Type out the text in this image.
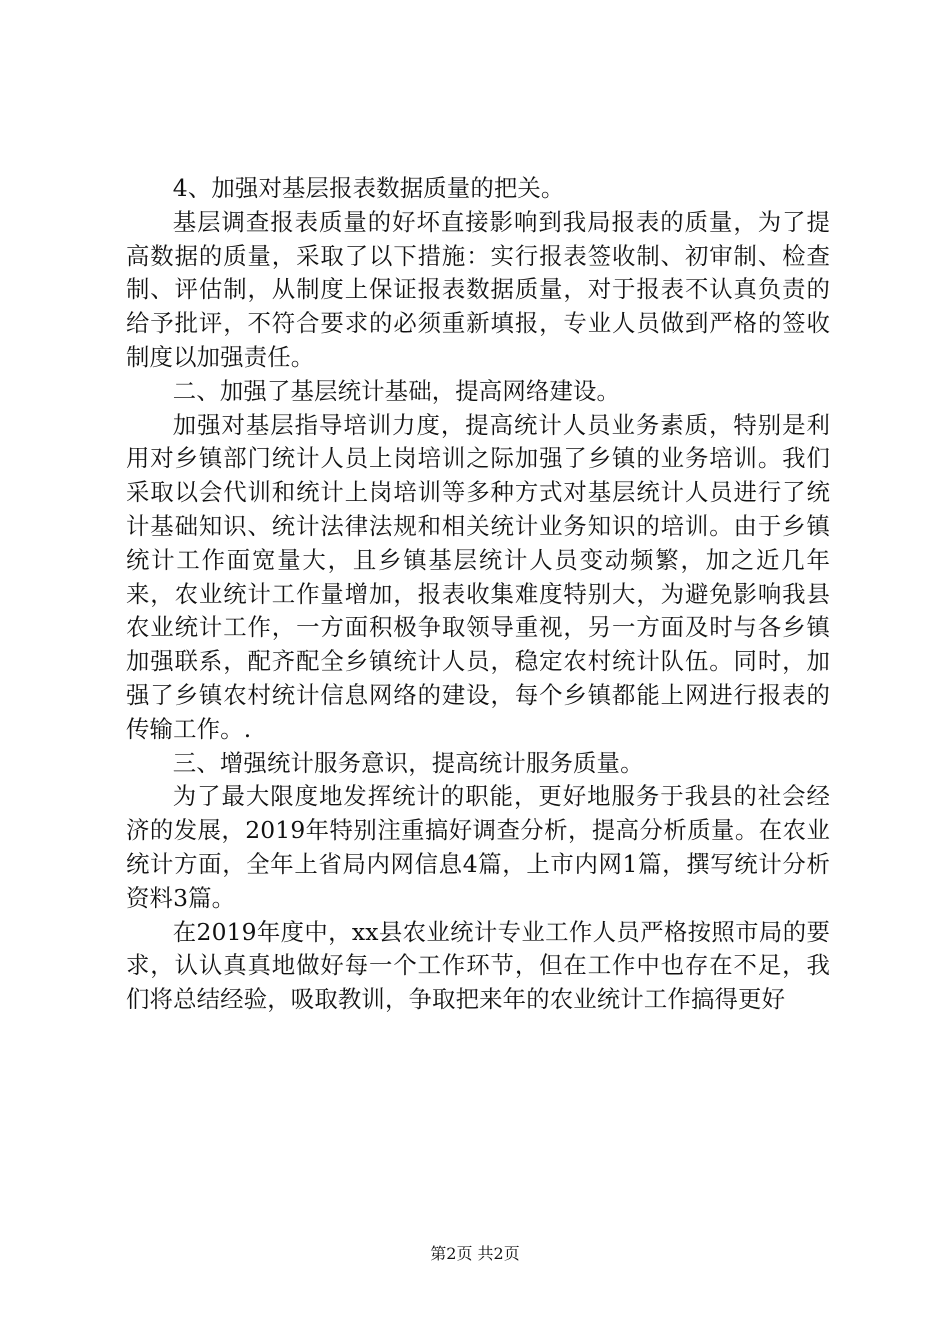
4、加强对基层报表数据质量的把关。

基层调查报表质量的好坏直接影响到我局报表的质量，为了提高数据的质量，采取了以下措施：实行报表签收制、初审制、检查制、评估制，从制度上保证报表数据质量，对于报表不认真负责的给予批评，不符合要求的必须重新填报，专业人员做到严格的签收制度以加强责任。

二、加强了基层统计基础，提高网络建设。

加强对基层指导培训力度，提高统计人员业务素质，特别是利用对乡镇部门统计人员上岗培训之际加强了乡镇的业务培训。我们采取以会代训和统计上岗培训等多种方式对基层统计人员进行了统计基础知识、统计法律法规和相关统计业务知识的培训。由于乡镇统计工作面宽量大，且乡镇基层统计人员变动频繁，加之近几年来，农业统计工作量增加，报表收集难度特别大，为避免影响我县农业统计工作，一方面积极争取领导重视，另一方面及时与各乡镇加强联系，配齐配全乡镇统计人员，稳定农村统计队伍。同时，加强了乡镇农村统计信息网络的建设，每个乡镇都能上网进行报表的传输工作。.

三、增强统计服务意识，提高统计服务质量。

为了最大限度地发挥统计的职能，更好地服务于我县的社会经济的发展，2019年特别注重搞好调查分析，提高分析质量。在农业统计方面，全年上省局内网信息4篇，上市内网1篇，撰写统计分析资料3篇。

在2019年度中，xx县农业统计专业工作人员严格按照市局的要求，认认真真地做好每一个工作环节，但在工作中也存在不足，我们将总结经验，吸取教训，争取把来年的农业统计工作搞得更好

第2页 共2页
